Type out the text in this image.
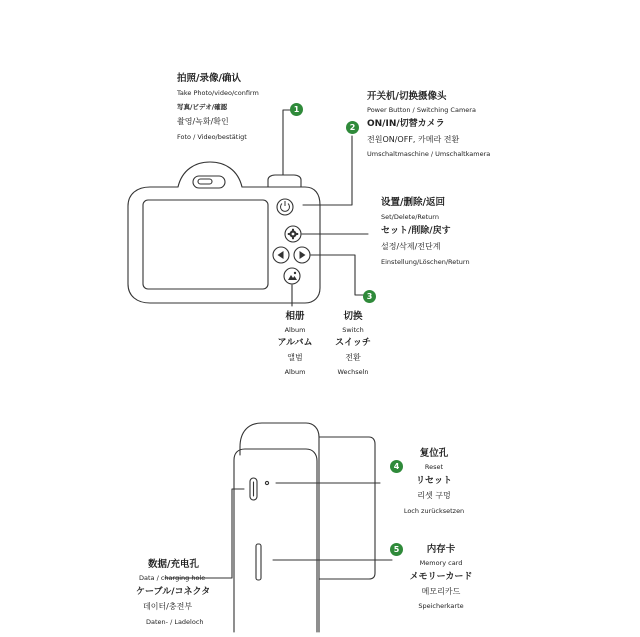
拍照/录像/确认
Take Photo/video/confirm
写真/ビデオ/確認
촬영/녹화/확인
Foto / Video/bestätigt
1
开关机/切换摄像头
Power Button / Switching Camera
ON/IN/切替カメラ
전원ON/OFF, 카메라 전환
Umschaltmaschine / Umschaltkamera
2
设置/删除/返回
Set/Delete/Return
セット/削除/戻す
설정/삭제/전단계
Einstellung/Löschen/Return
相册
Album
アルバム
앨범
Album
切换
Switch
スイッチ
전환
Wechseln
3
4
复位孔
Reset
リセット
리셋 구멍
Loch zurücksetzen
5	内存卡
Memory card
メモリーカード
메모리카드
Speicherkarte
数据/充电孔
Data / charging hole
ケーブル/コネクタ
데이터/충전부
Daten- / Ladeloch
